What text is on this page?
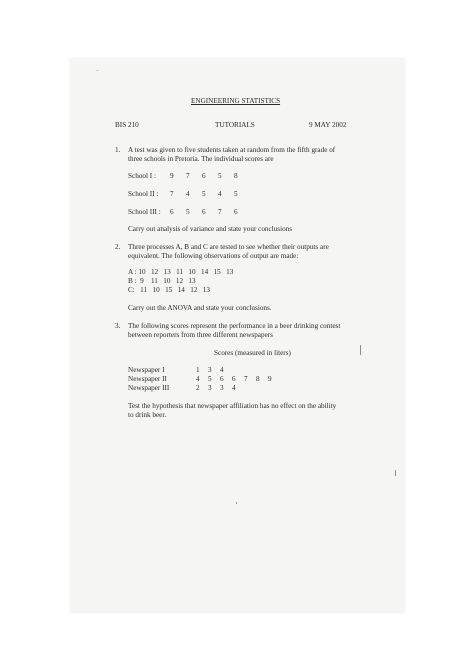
ENGINEERING STATISTICS
BIS 210	TUTORIALS	9 MAY 2002
1. A test was given to five students taken at random from the fifth grade of
three schools in Pretoria. The individual scores are
School I : 9 7 6 5 8
School II : 7 4 5 4 5
School III : 6 5 6 7 6
Carry out analysis of variance and state your conclusions
2. Three processes A, B and C are tested to see whether their outputs are
equivalent. The following observations of output are made:
A : 10   12   13   11   10   14   15   13
B :  9    11   10   12   13
C:   11   10   15   14   12   13
Carry out the ANOVA and state your conclusions.
3. The following scores represent the performance in a beer drinking contest
between reporters from three different newspapers
Scores (measured in liters)
Newspaper I	1 3 4
Newspaper II	4 5 6 6 7 8 9
Newspaper III	2 3 3 4
Test the hypothesis that newspaper affiliation has no effect on the ability
to drink beer.
